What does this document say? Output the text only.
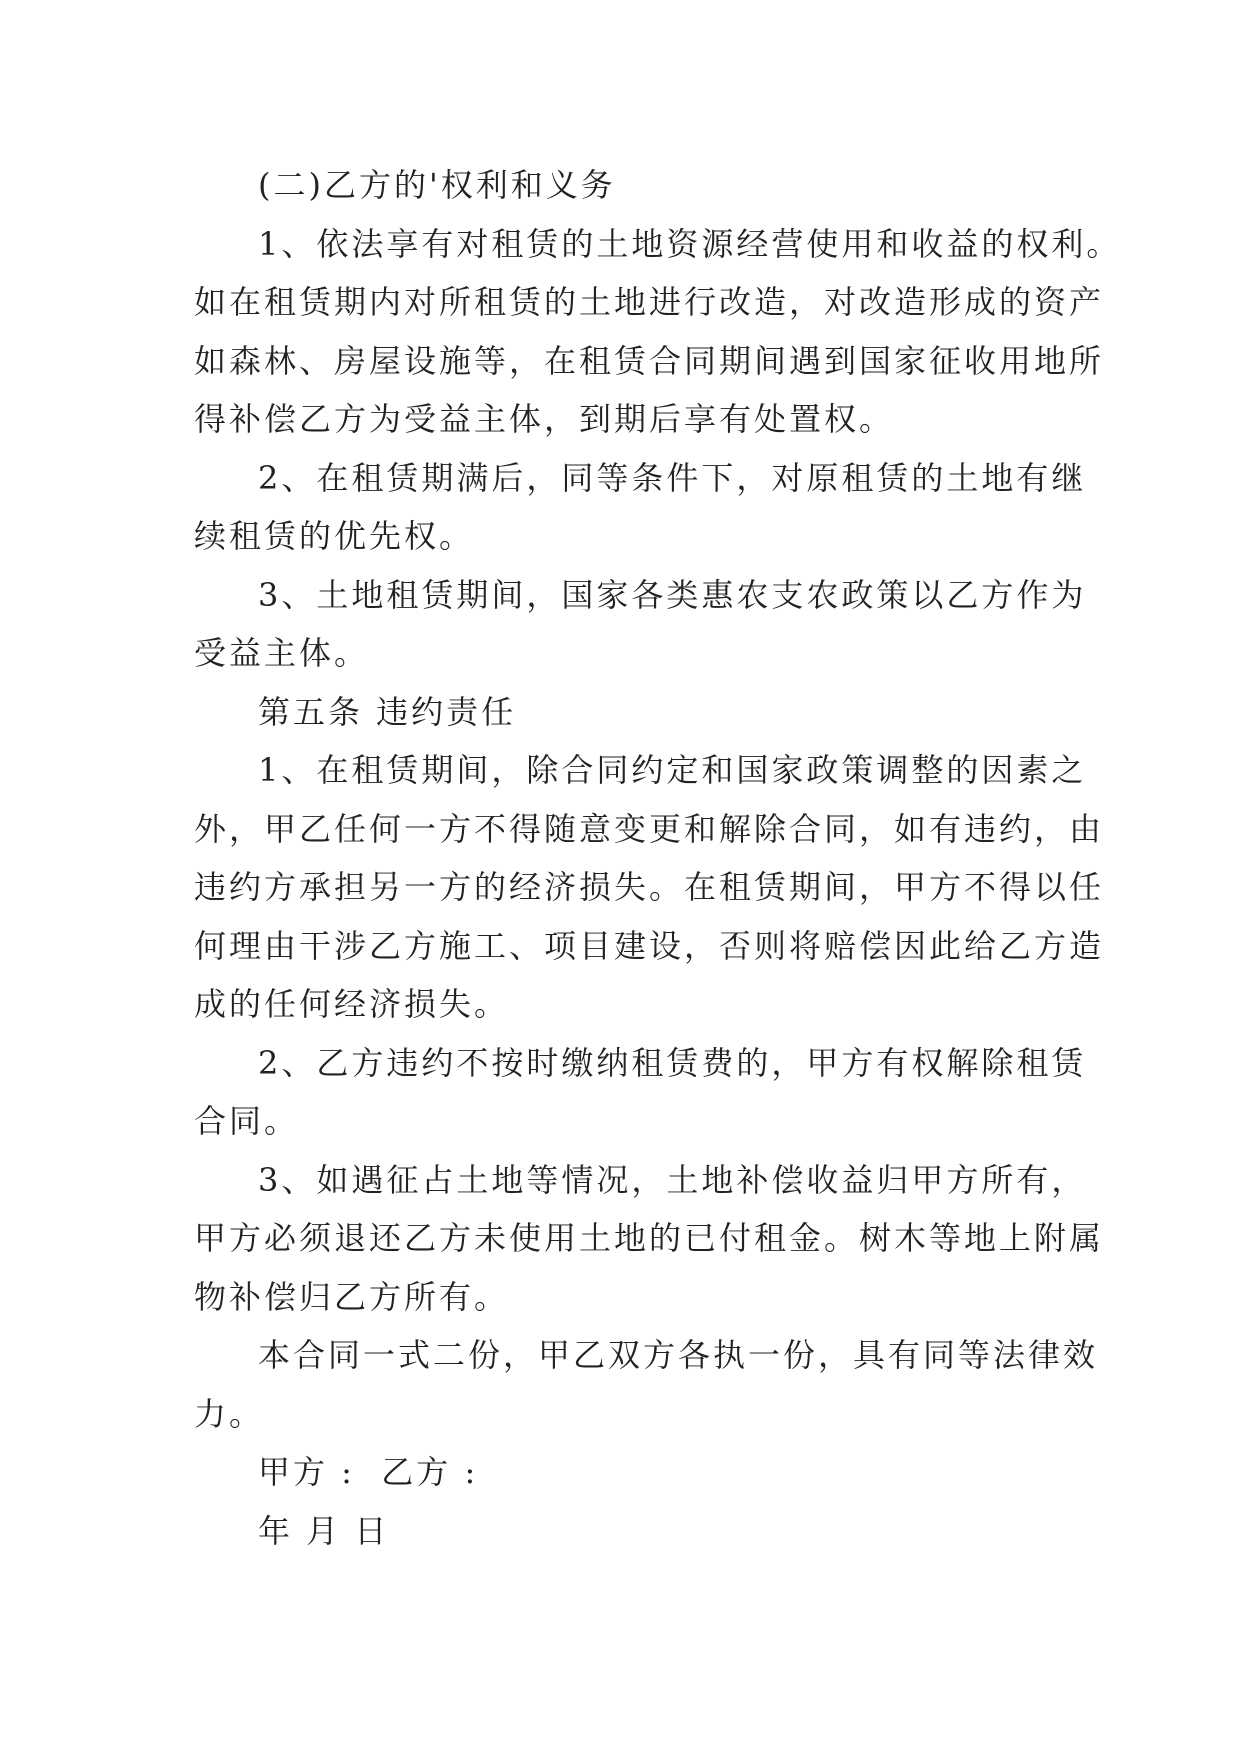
(二)乙方的'权利和义务
1、依法享有对租赁的土地资源经营使用和收益的权利。
如在租赁期内对所租赁的土地进行改造，对改造形成的资产
如森林、房屋设施等，在租赁合同期间遇到国家征收用地所
得补偿乙方为受益主体，到期后享有处置权。
2、在租赁期满后，同等条件下，对原租赁的土地有继
续租赁的优先权。
3、土地租赁期间，国家各类惠农支农政策以乙方作为
受益主体。
第五条 违约责任
1、在租赁期间，除合同约定和国家政策调整的因素之
外，甲乙任何一方不得随意变更和解除合同，如有违约，由
违约方承担另一方的经济损失。在租赁期间，甲方不得以任
何理由干涉乙方施工、项目建设，否则将赔偿因此给乙方造
成的任何经济损失。
2、乙方违约不按时缴纳租赁费的，甲方有权解除租赁
合同。
3、如遇征占土地等情况，土地补偿收益归甲方所有，
甲方必须退还乙方未使用土地的已付租金。树木等地上附属
物补偿归乙方所有。
本合同一式二份，甲乙双方各执一份，具有同等法律效
力。
甲方 :  乙方 :
年 月 日
